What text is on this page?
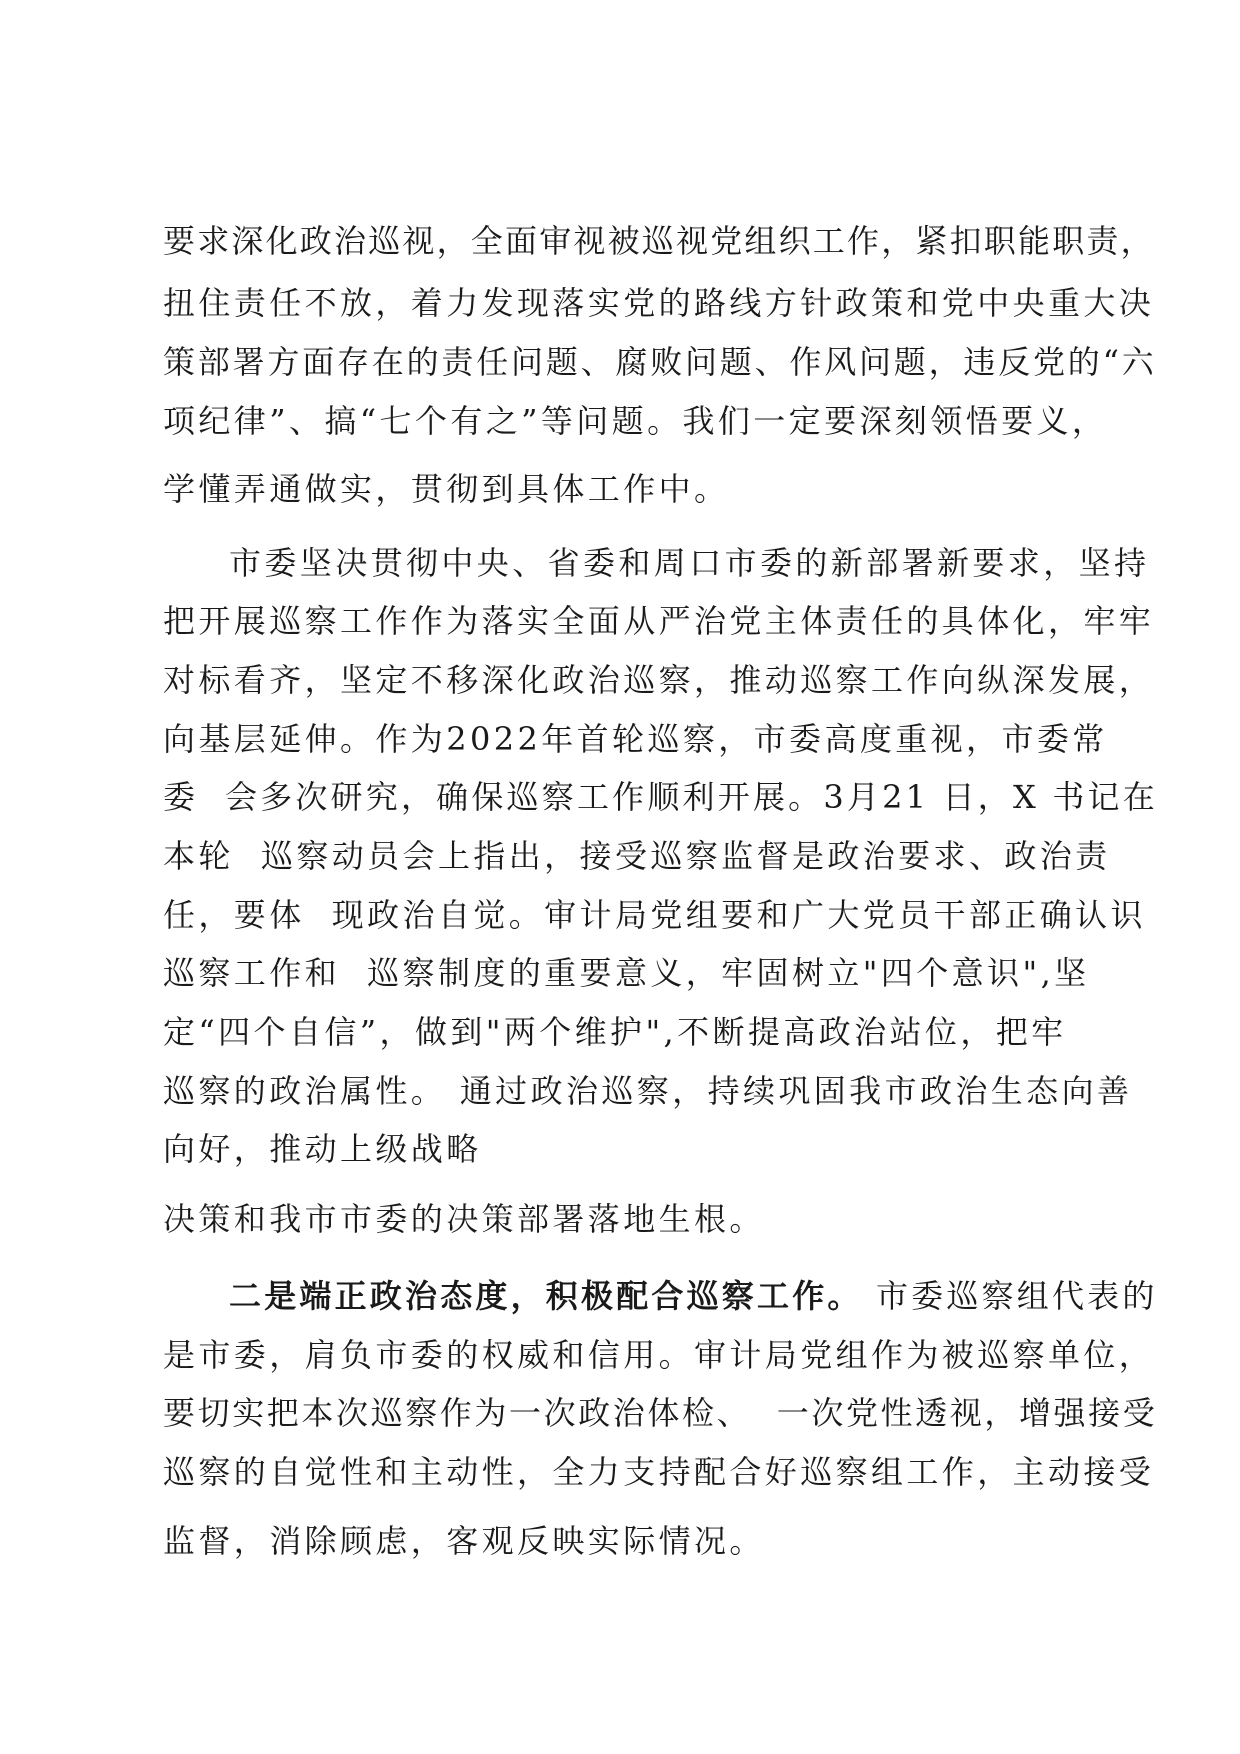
要求深化政治巡视，全面审视被巡视党组织工作，紧扣职能职责，
扭住责任不放，着力发现落实党的路线方针政策和党中央重大决
策部署方面存在的责任问题、腐败问题、作风问题，违反党的“六
项纪律”、搞“七个有之”等问题。我们一定要深刻领悟要义，
学懂弄通做实，贯彻到具体工作中。
市委坚决贯彻中央、省委和周口市委的新部署新要求，坚持
把开展巡察工作作为落实全面从严治党主体责任的具体化，牢牢
对标看齐，坚定不移深化政治巡察，推动巡察工作向纵深发展，
向基层延伸。作为2022年首轮巡察，市委高度重视，市委常
委  会多次研究，确保巡察工作顺利开展。3月21 日，X 书记在
本轮  巡察动员会上指出，接受巡察监督是政治要求、政治责
任，要体  现政治自觉。审计局党组要和广大党员干部正确认识
巡察工作和  巡察制度的重要意义，牢固树立"四个意识",坚
定“四个自信”，做到"两个维护",不断提高政治站位，把牢
巡察的政治属性。 通过政治巡察，持续巩固我市政治生态向善
向好，推动上级战略
决策和我市市委的决策部署落地生根。
二是端正政治态度，积极配合巡察工作。 市委巡察组代表的
是市委，肩负市委的权威和信用。审计局党组作为被巡察单位，
要切实把本次巡察作为一次政治体检、  一次党性透视，增强接受
巡察的自觉性和主动性，全力支持配合好巡察组工作，主动接受
监督，消除顾虑，客观反映实际情况。
